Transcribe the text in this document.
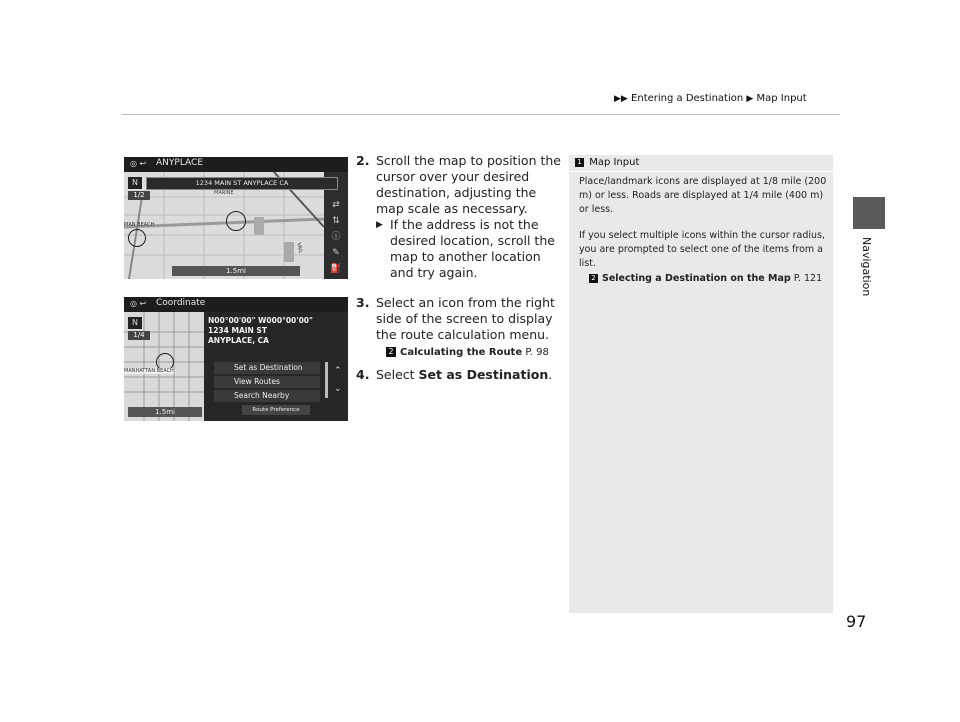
▶▶ Entering a Destination ▶ Map Input
Navigation
◎ ↩	ANYPLACE
1234 MAIN ST ANYPLACE CA
N
1/2	MARINE
MAN BEACH
VAIL
⇄
⇅
ⓘ
✎
⛽
1.5mi
◎ ↩	Coordinate
N
1/4
MANHATTAN BEACH
1.5mi
N00°00'00" W000°00'00"
1234 MAIN ST
ANYPLACE, CA
Set as Destination
View Routes
Search Nearby
⌃
⌄
Route Preference
2. Scroll the map to position the cursor over your desired destination, adjusting the map scale as necessary.
▶ If the address is not the desired location, scroll the map to another location and try again.
3. Select an icon from the right side of the screen to display the route calculation menu.
2 Calculating the Route P. 98
4. Select Set as Destination.
1 Map Input
Place/landmark icons are displayed at 1/8 mile (200 m) or less. Roads are displayed at 1/4 mile (400 m) or less.
If you select multiple icons within the cursor radius, you are prompted to select one of the items from a list.
2 Selecting a Destination on the Map P. 121
97
